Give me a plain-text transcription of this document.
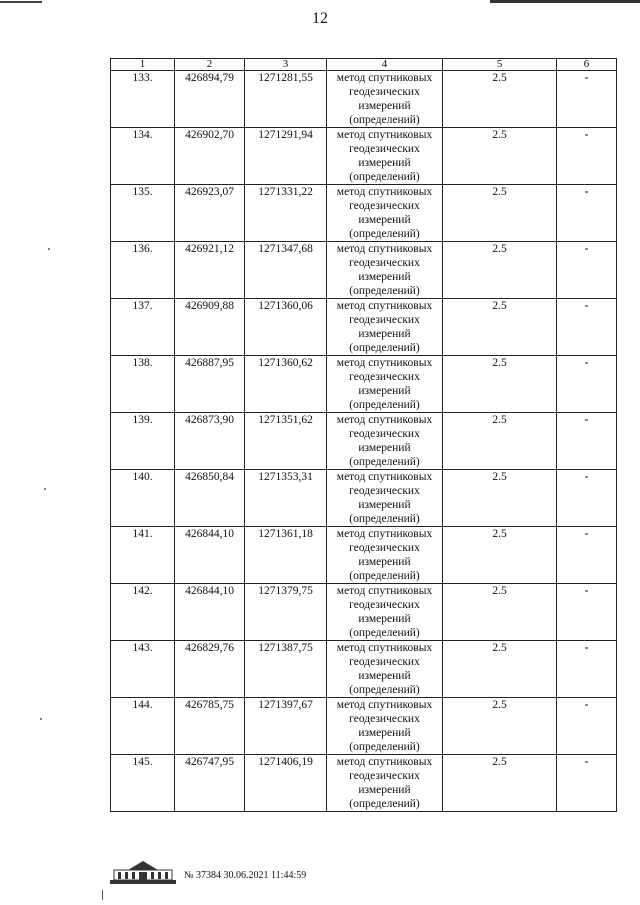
12
1	2	3	4	5	6
133.	426894,79	1271281,55	метод спутниковых геодезических измерений (определений)	2.5	-
134.	426902,70	1271291,94	метод спутниковых геодезических измерений (определений)	2.5	-
135.	426923,07	1271331,22	метод спутниковых геодезических измерений (определений)	2.5	-
136.	426921,12	1271347,68	метод спутниковых геодезических измерений (определений)	2.5	-
137.	426909,88	1271360,06	метод спутниковых геодезических измерений (определений)	2.5	-
138.	426887,95	1271360,62	метод спутниковых геодезических измерений (определений)	2.5	-
139.	426873,90	1271351,62	метод спутниковых геодезических измерений (определений)	2.5	-
140.	426850,84	1271353,31	метод спутниковых геодезических измерений (определений)	2.5	-
141.	426844,10	1271361,18	метод спутниковых геодезических измерений (определений)	2.5	-
142.	426844,10	1271379,75	метод спутниковых геодезических измерений (определений)	2.5	-
143.	426829,76	1271387,75	метод спутниковых геодезических измерений (определений)	2.5	-
144.	426785,75	1271397,67	метод спутниковых геодезических измерений (определений)	2.5	-
145.	426747,95	1271406,19	метод спутниковых геодезических измерений (определений)	2.5	-
№ 37384 30.06.2021 11:44:59
